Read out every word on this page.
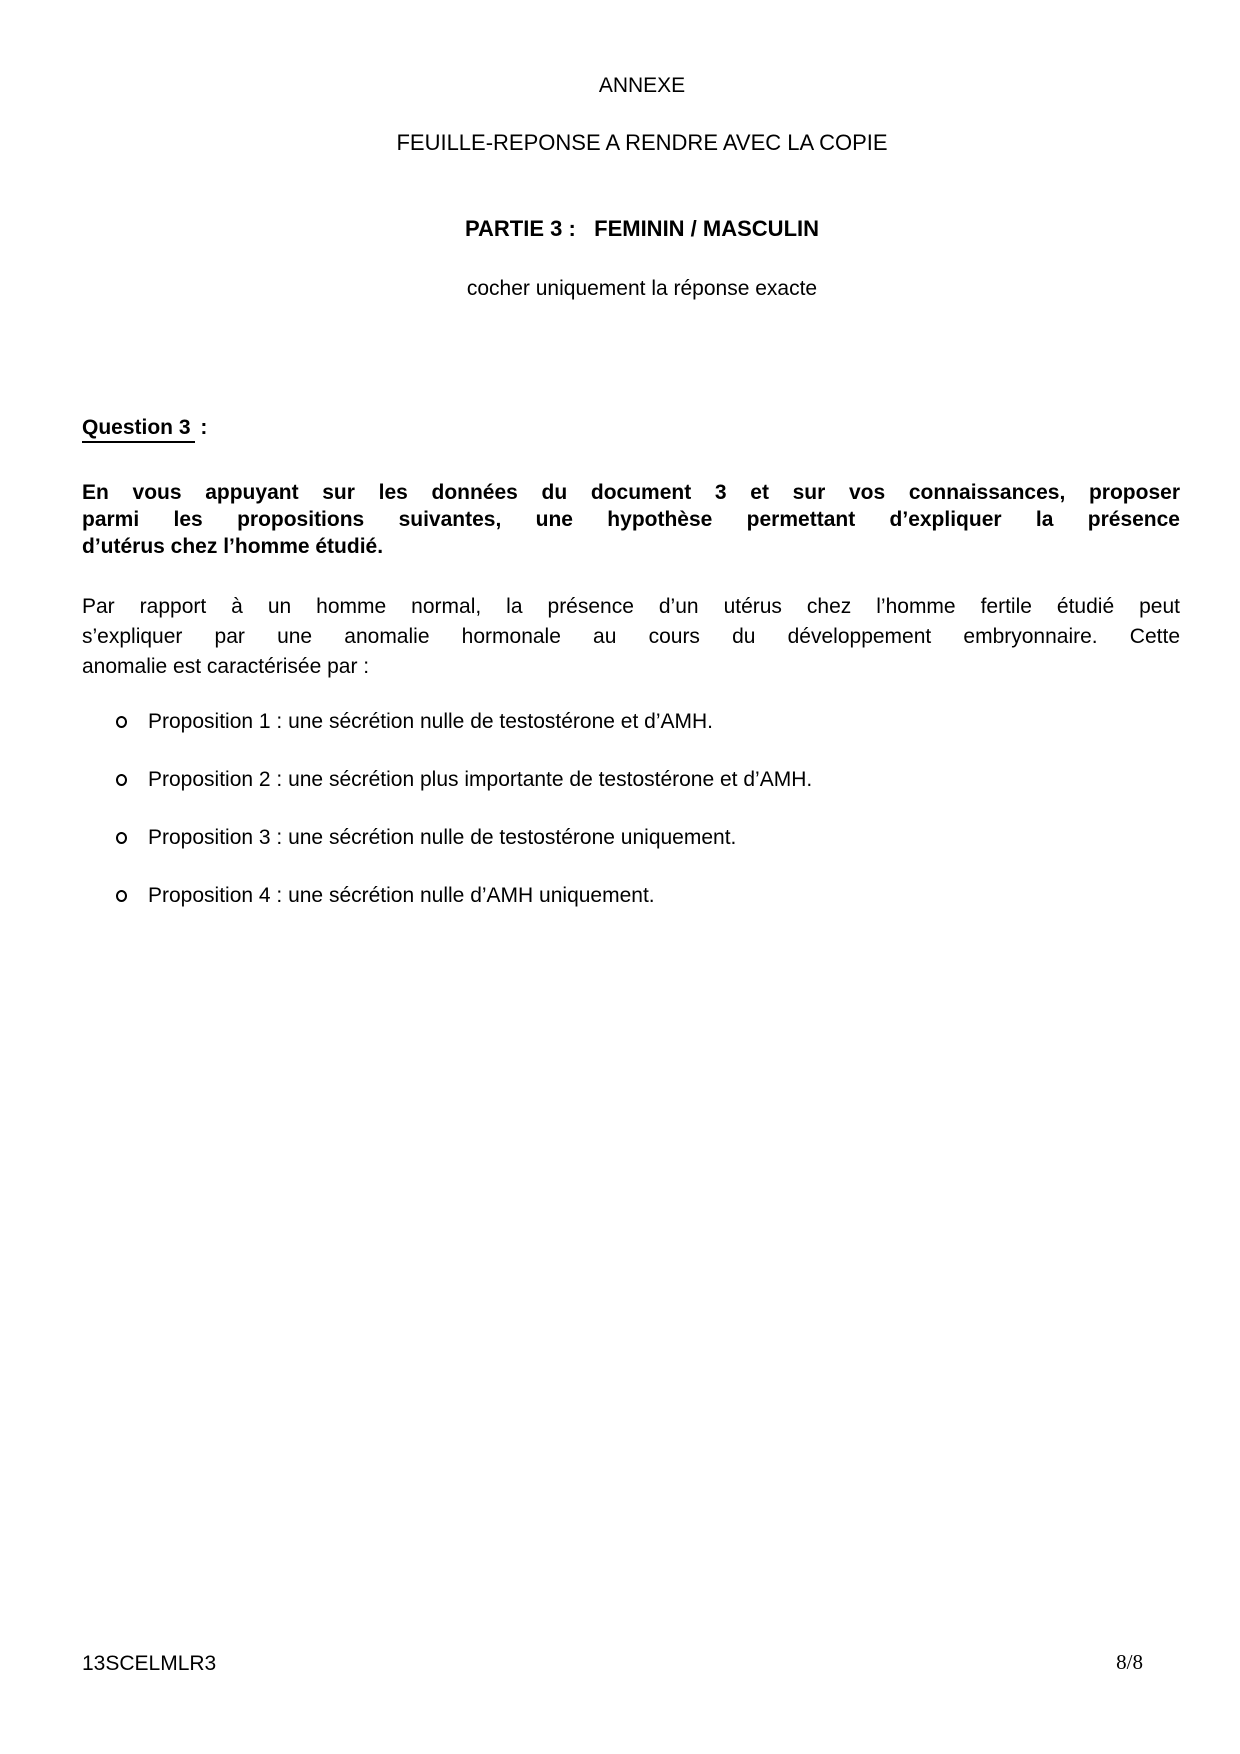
ANNEXE
FEUILLE-REPONSE A RENDRE AVEC LA COPIE
PARTIE 3 :   FEMININ / MASCULIN
cocher uniquement la réponse exacte
Question 3 :
En vous appuyant sur les données du document 3 et sur vos connaissances, proposer
parmi les propositions suivantes, une hypothèse permettant d’expliquer la présence
d’utérus chez l’homme étudié.
Par rapport à un homme normal, la présence d’un utérus chez l’homme fertile étudié peut
s’expliquer par une anomalie hormonale au cours du développement embryonnaire. Cette
anomalie est caractérisée par :
Proposition 1 : une sécrétion nulle de testostérone et d’AMH.
Proposition 2 : une sécrétion plus importante de testostérone et d’AMH.
Proposition 3 : une sécrétion nulle de testostérone uniquement.
Proposition 4 : une sécrétion nulle d’AMH uniquement.
13SCELMLR3	8/8
